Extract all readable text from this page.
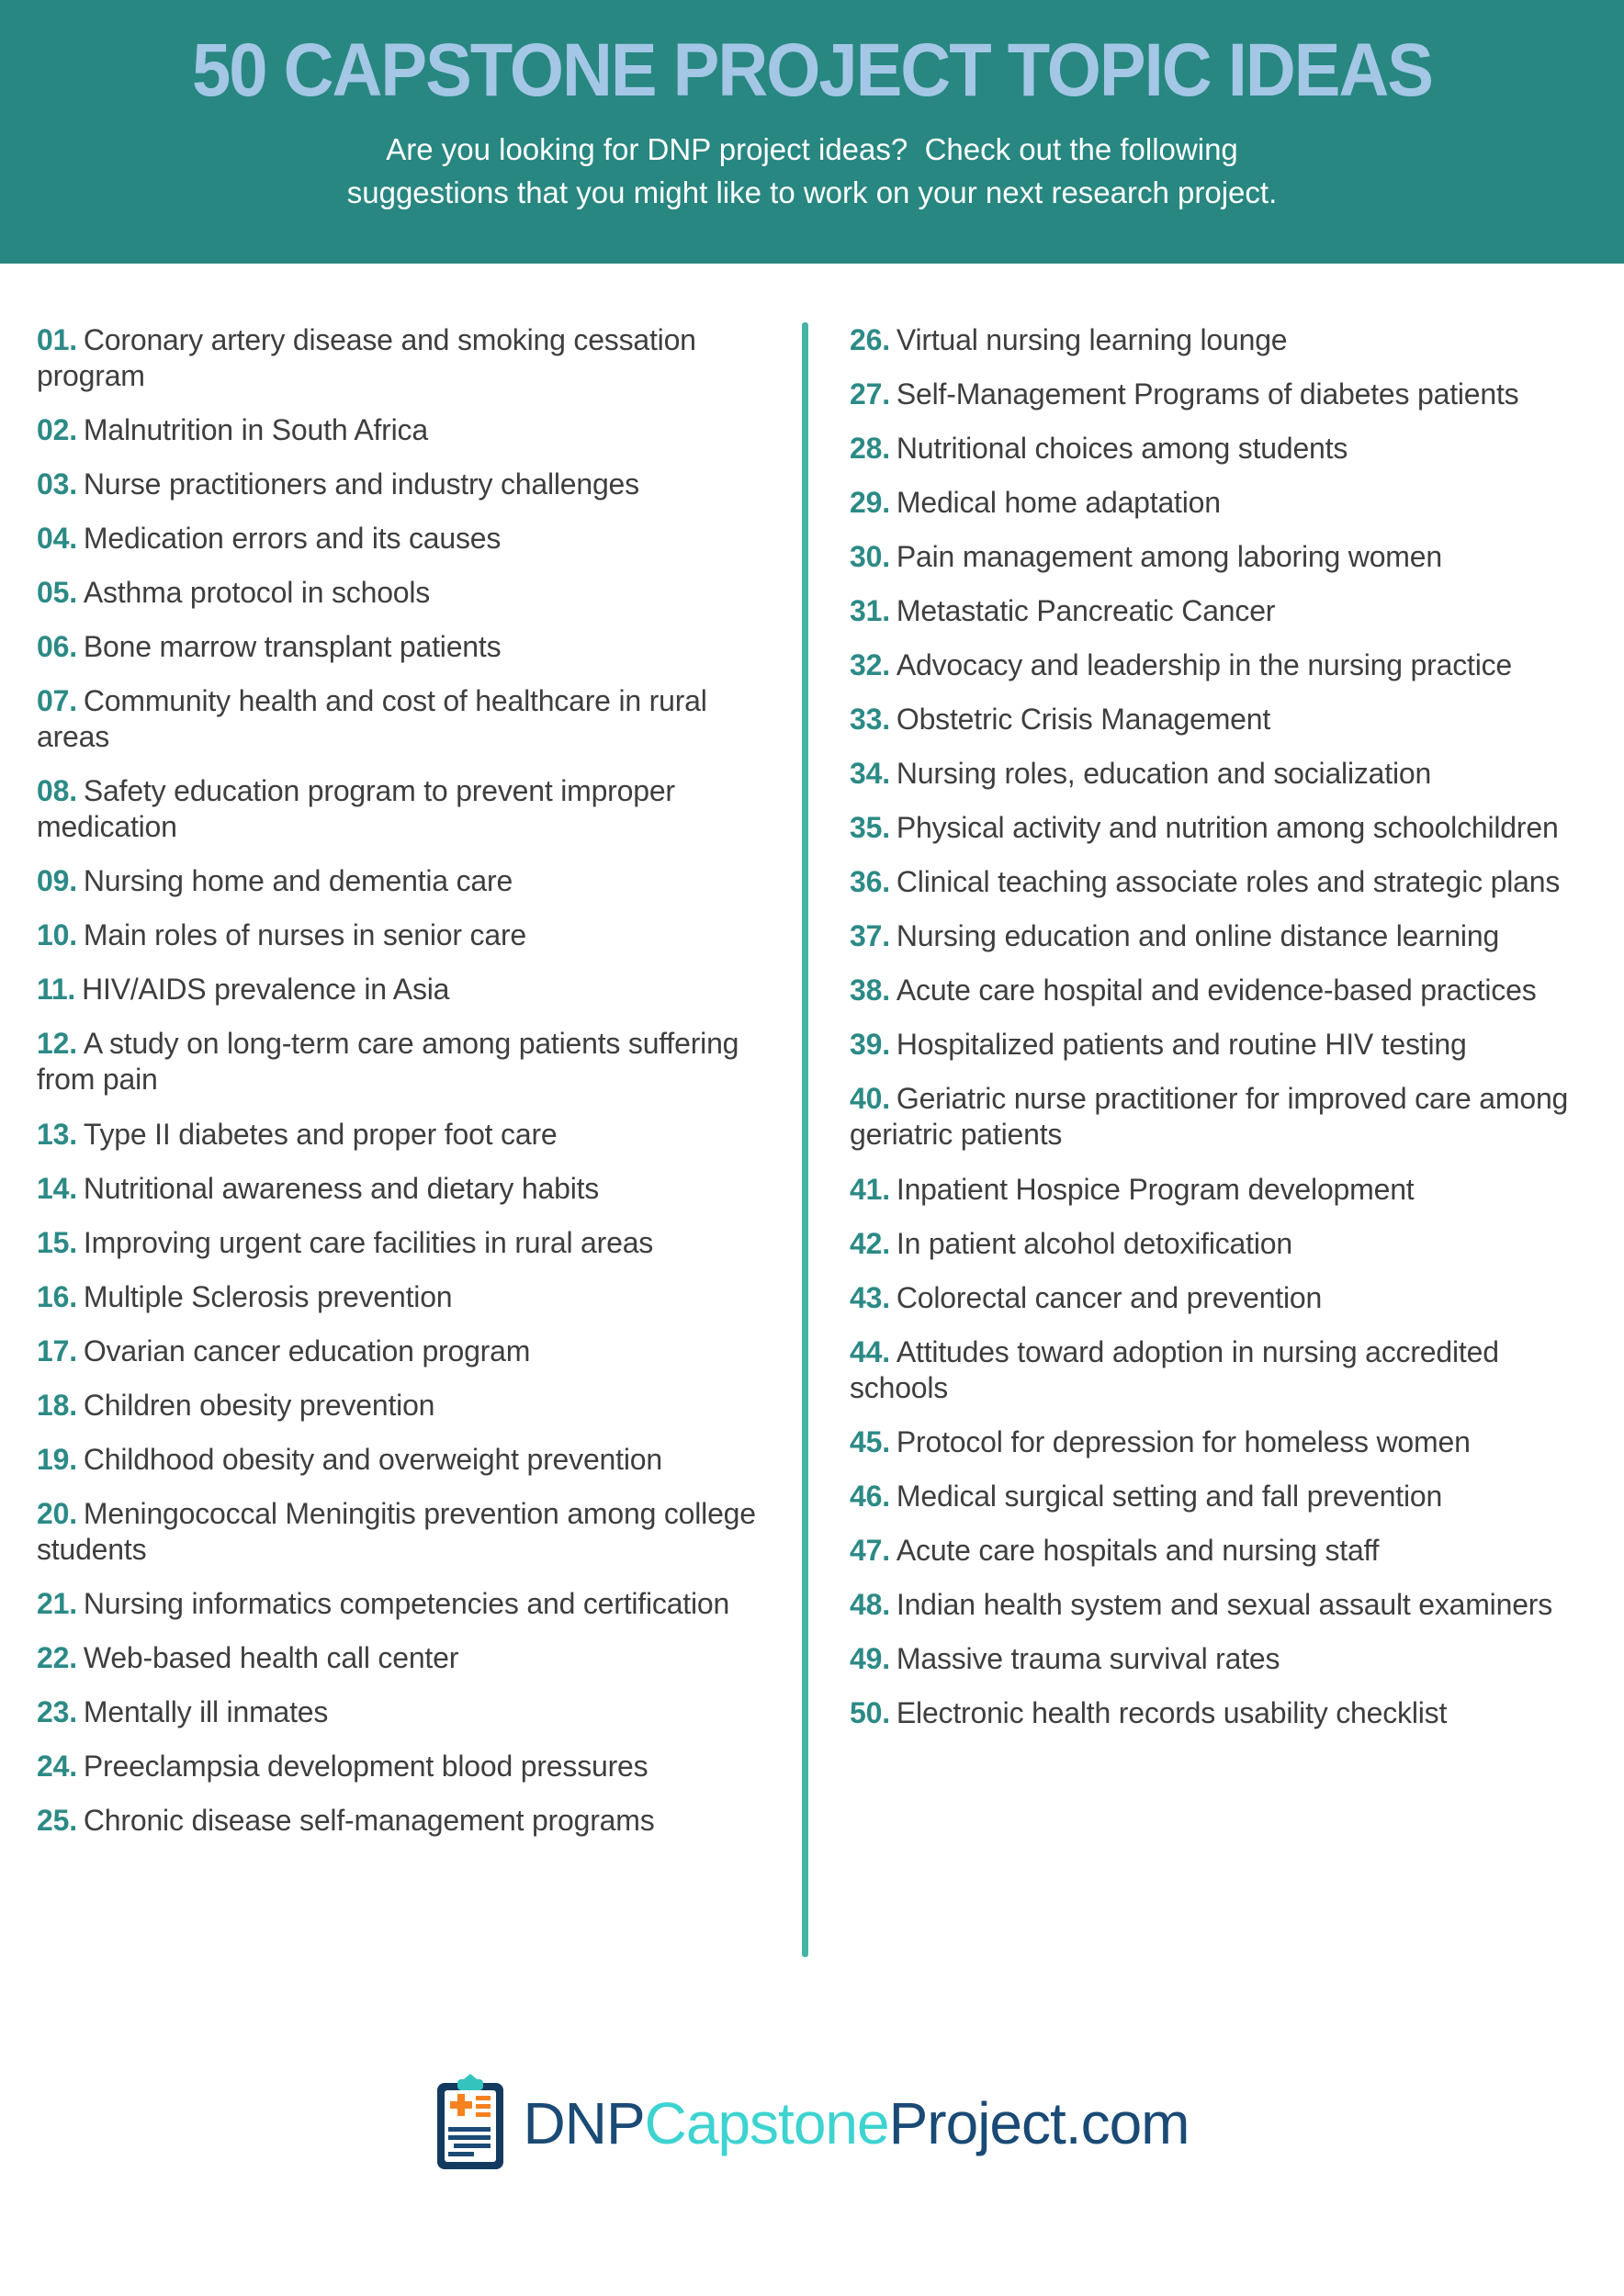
50 CAPSTONE PROJECT TOPIC IDEAS
Are you looking for DNP project ideas?  Check out the following
suggestions that you might like to work on your next research project.
01. Coronary artery disease and smoking cessation program
02. Malnutrition in South Africa
03. Nurse practitioners and industry challenges
04. Medication errors and its causes
05. Asthma protocol in schools
06. Bone marrow transplant patients
07. Community health and cost of healthcare in rural areas
08. Safety education program to prevent improper medication
09. Nursing home and dementia care
10. Main roles of nurses in senior care
11. HIV/AIDS prevalence in Asia
12. A study on long-term care among patients suffering from pain
13. Type II diabetes and proper foot care
14. Nutritional awareness and dietary habits
15. Improving urgent care facilities in rural areas
16. Multiple Sclerosis prevention
17. Ovarian cancer education program
18. Children obesity prevention
19. Childhood obesity and overweight prevention
20. Meningococcal Meningitis prevention among college students
21. Nursing informatics competencies and certification
22. Web-based health call center
23. Mentally ill inmates
24. Preeclampsia development blood pressures
25. Chronic disease self-management programs
26. Virtual nursing learning lounge
27. Self-Management Programs of diabetes patients
28. Nutritional choices among students
29. Medical home adaptation
30. Pain management among laboring women
31. Metastatic Pancreatic Cancer
32. Advocacy and leadership in the nursing practice
33. Obstetric Crisis Management
34. Nursing roles, education and socialization
35. Physical activity and nutrition among schoolchildren
36. Clinical teaching associate roles and strategic plans
37. Nursing education and online distance learning
38. Acute care hospital and evidence-based practices
39. Hospitalized patients and routine HIV testing
40. Geriatric nurse practitioner for improved care among geriatric patients
41. Inpatient Hospice Program development
42. In patient alcohol detoxification
43. Colorectal cancer and prevention
44. Attitudes toward adoption in nursing accredited schools
45. Protocol for depression for homeless women
46. Medical surgical setting and fall prevention
47. Acute care hospitals and nursing staff
48. Indian health system and sexual assault examiners
49. Massive trauma survival rates
50. Electronic health records usability checklist
DNPCapstoneProject.com
